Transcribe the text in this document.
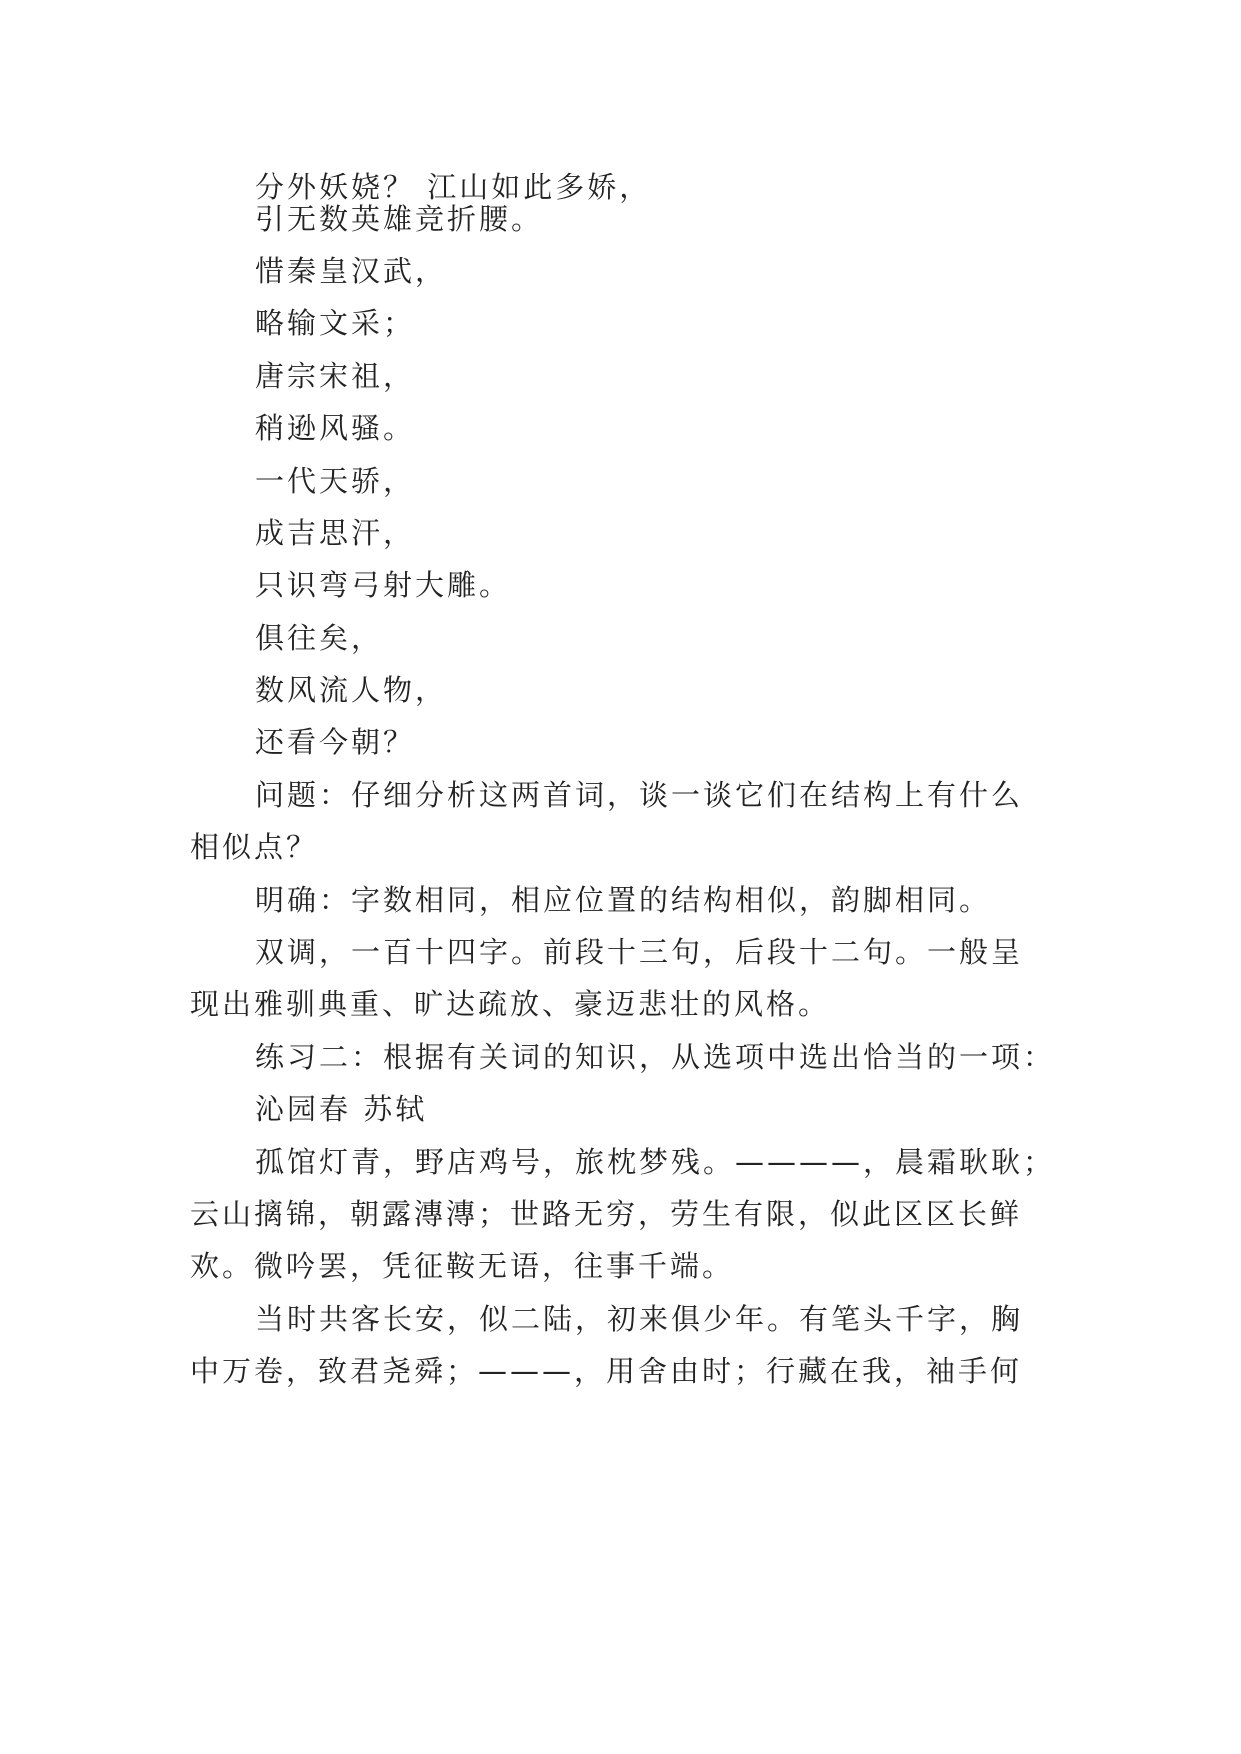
分外妖娆？ 江山如此多娇，
引无数英雄竞折腰。
惜秦皇汉武，
略输文采；
唐宗宋祖，
稍逊风骚。
一代天骄，
成吉思汗，
只识弯弓射大雕。
俱往矣，
数风流人物，
还看今朝？
问题：仔细分析这两首词，谈一谈它们在结构上有什么
相似点？
明确：字数相同，相应位置的结构相似，韵脚相同。
双调，一百十四字。前段十三句，后段十二句。一般呈
现出雅驯典重、旷达疏放、豪迈悲壮的风格。
练习二：根据有关词的知识，从选项中选出恰当的一项：
沁园春 苏轼
孤馆灯青，野店鸡号，旅枕梦残。————，晨霜耿耿；
云山摛锦，朝露漙漙；世路无穷，劳生有限，似此区区长鲜
欢。微吟罢，凭征鞍无语，往事千端。
当时共客长安，似二陆，初来俱少年。有笔头千字，胸
中万卷，致君尧舜；———，用舍由时；行藏在我，袖手何
